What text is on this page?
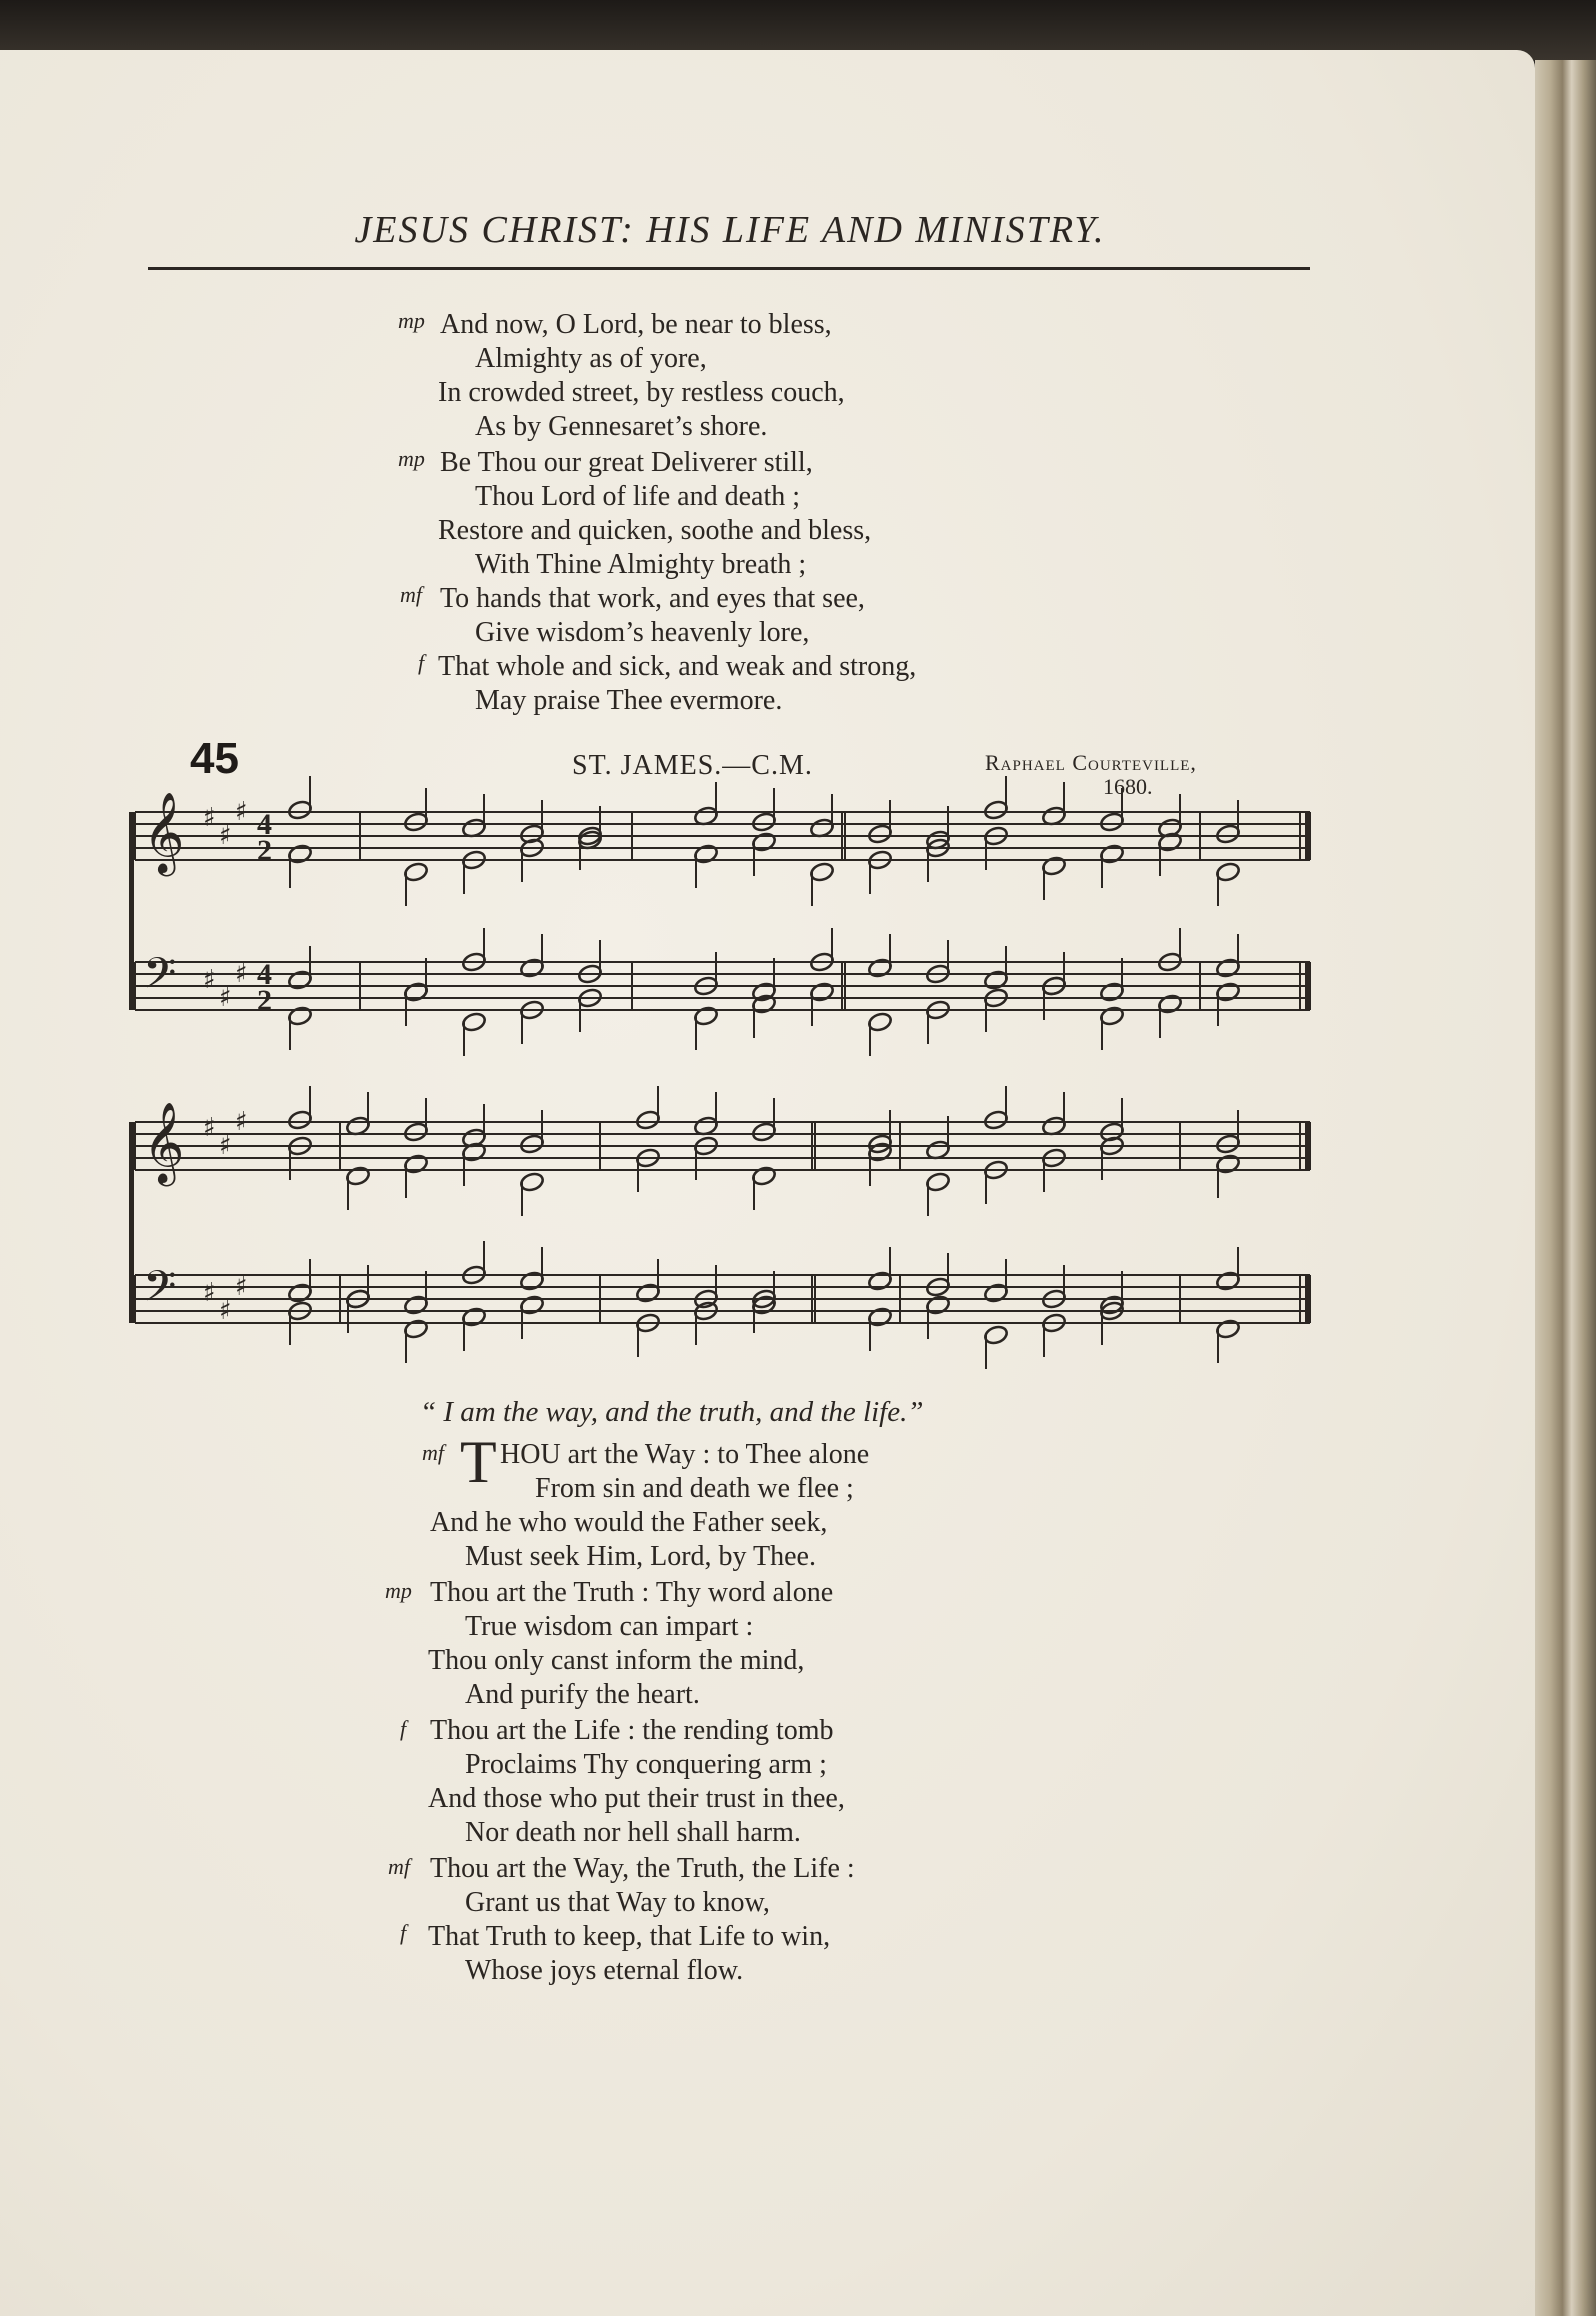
JESUS CHRIST: HIS LIFE AND MINISTRY.
mp And now, O Lord, be near to bless,
Almighty as of yore,
In crowded street, by restless couch,
As by Gennesaret’s shore.
mp Be Thou our great Deliverer still,
Thou Lord of life and death ;
Restore and quicken, soothe and bless,
With Thine Almighty breath ;
mf To hands that work, and eyes that see,
Give wisdom’s heavenly lore,
f That whole and sick, and weak and strong,
May praise Thee evermore.
45	ST. JAMES.—C.M.	Raphael Courteville,
1680.
𝄞 ♯
♯
♯ 4
2
𝄢 ♯
♯
♯ 4
2
𝄞 ♯
♯
♯
𝄢 ♯
♯
♯
“ I am the way, and the truth, and the life.”
T
mf HOU art the Way : to Thee alone
From sin and death we flee ;
And he who would the Father seek,
Must seek Him, Lord, by Thee.
mp Thou art the Truth : Thy word alone
True wisdom can impart :
Thou only canst inform the mind,
And purify the heart.
f Thou art the Life : the rending tomb
Proclaims Thy conquering arm ;
And those who put their trust in thee,
Nor death nor hell shall harm.
mf Thou art the Way, the Truth, the Life :
Grant us that Way to know,
f That Truth to keep, that Life to win,
Whose joys eternal flow.
